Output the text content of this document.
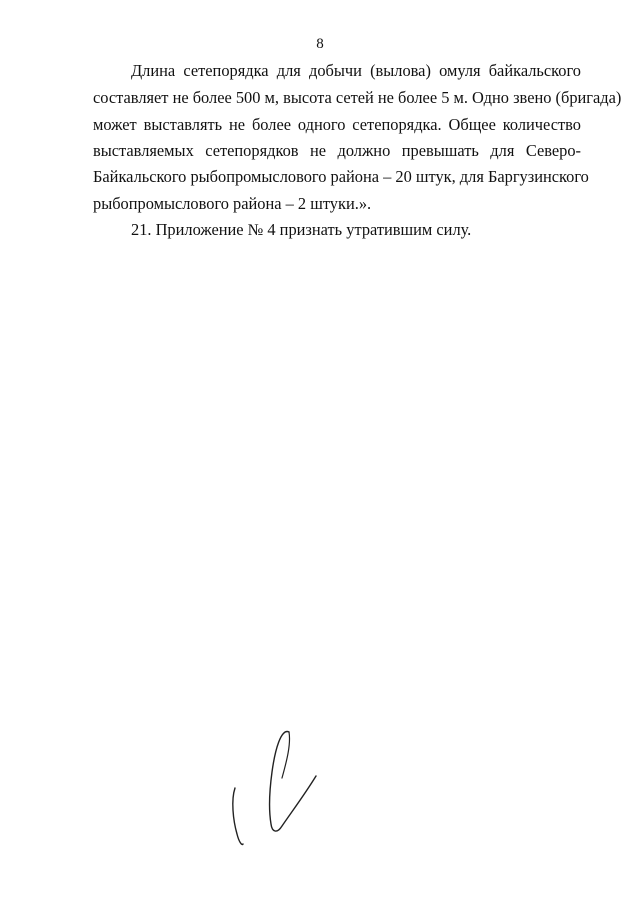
8
Длина сетепорядка для добычи (вылова) омуля байкальского
составляет не более 500 м, высота сетей не более 5 м. Одно звено (бригада)
может выставлять не более одного сетепорядка. Общее количество
выставляемых сетепорядков не должно превышать для Северо-
Байкальского рыбопромыслового района – 20 штук, для Баргузинского
рыбопромыслового района – 2 штуки.».
21. Приложение № 4 признать утратившим силу.
